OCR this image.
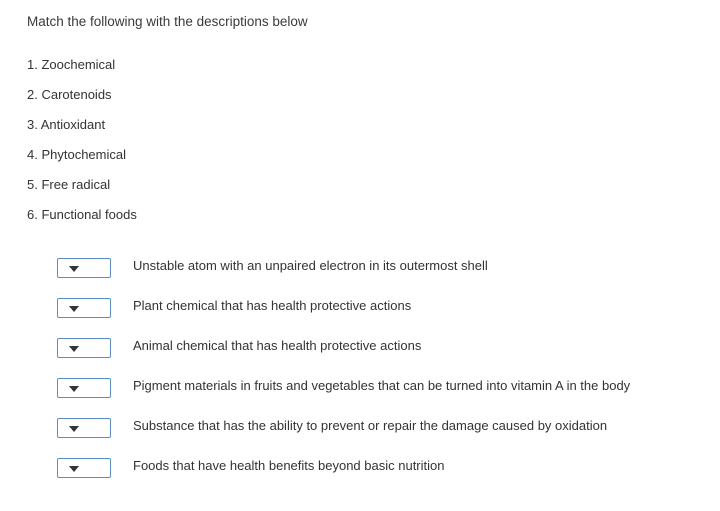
Match the following with the descriptions below

1. Zoochemical
2. Carotenoids
3. Antioxidant
4. Phytochemical
5. Free radical
6. Functional foods
Unstable atom with an unpaired electron in its outermost shell
Plant chemical that has health protective actions
Animal chemical that has health protective actions
Pigment materials in fruits and vegetables that can be turned into vitamin A in the body
Substance that has the ability to prevent or repair the damage caused by oxidation
Foods that have health benefits beyond basic nutrition
